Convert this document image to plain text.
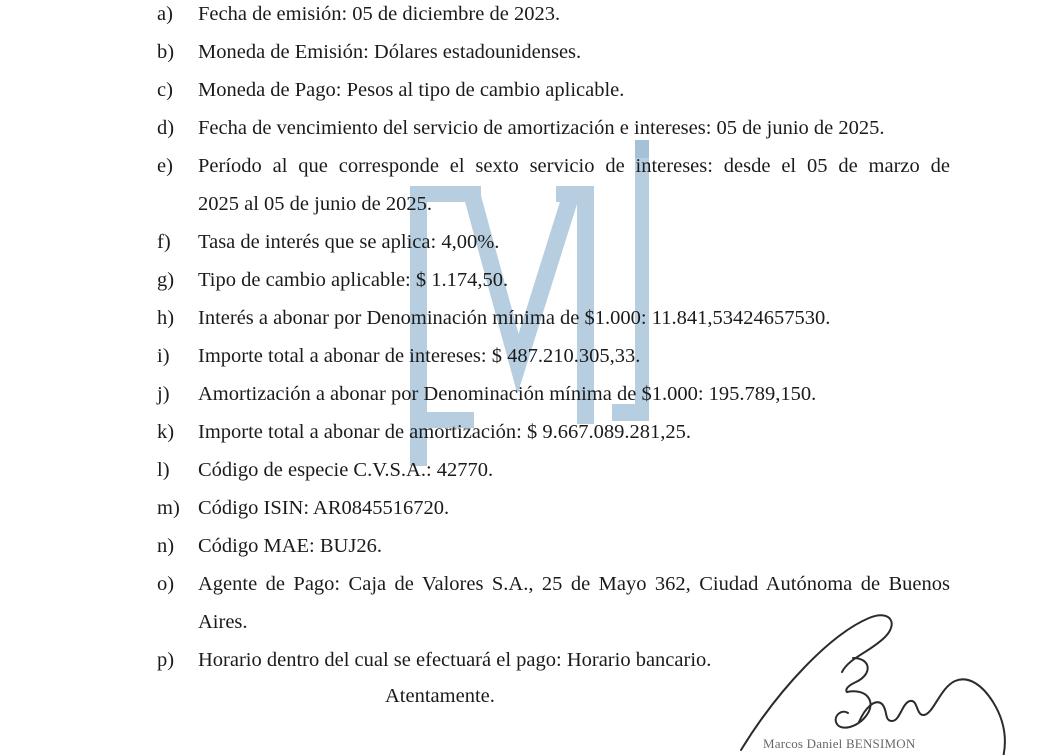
a)	Fecha de emisión: 05 de diciembre de 2023.
b)	Moneda de Emisión: Dólares estadounidenses.
c)	Moneda de Pago: Pesos al tipo de cambio aplicable.
d)	Fecha de vencimiento del servicio de amortización e intereses: 05 de junio de 2025.
e)	Período al que corresponde el sexto servicio de intereses: desde el 05 de marzo de
2025 al 05 de junio de 2025.
f)	Tasa de interés que se aplica: 4,00%.
g)	Tipo de cambio aplicable: $ 1.174,50.
h)	Interés a abonar por Denominación mínima de $1.000: 11.841,53424657530.
i)	Importe total a abonar de intereses: $ 487.210.305,33.
j)	Amortización a abonar por Denominación mínima de $1.000: 195.789,150.
k)	Importe total a abonar de amortización: $ 9.667.089.281,25.
l)	Código de especie C.V.S.A.: 42770.
m) Código ISIN: AR0845516720.
n)	Código MAE: BUJ26.
o)	Agente de Pago: Caja de Valores S.A., 25 de Mayo 362, Ciudad Autónoma de Buenos
Aires.
p)	Horario dentro del cual se efectuará el pago: Horario bancario.
Atentamente.
Marcos Daniel BENSIMON
